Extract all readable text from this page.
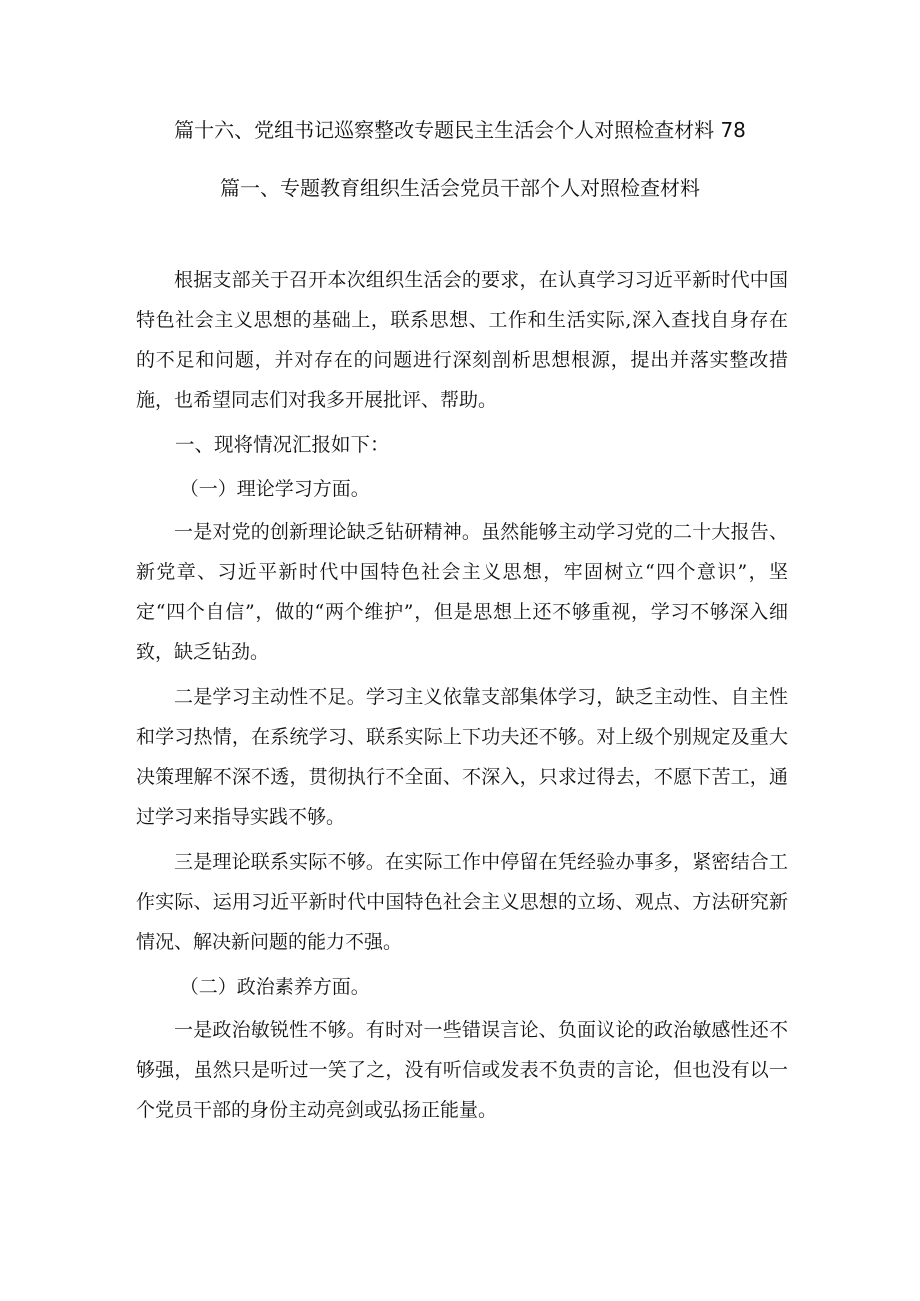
篇十六、党组书记巡察整改专题民主生活会个人对照检查材料 78
篇一、专题教育组织生活会党员干部个人对照检查材料

根据支部关于召开本次组织生活会的要求，在认真学习习近平新时代中国特色社会主义思想的基础上，联系思想、工作和生活实际,深入查找自身存在的不足和问题，并对存在的问题进行深刻剖析思想根源，提出并落实整改措施，也希望同志们对我多开展批评、帮助。

一、现将情况汇报如下：

（一）理论学习方面。

一是对党的创新理论缺乏钻研精神。虽然能够主动学习党的二十大报告、新党章、习近平新时代中国特色社会主义思想，牢固树立“四个意识”，坚定“四个自信”，做的“两个维护”，但是思想上还不够重视，学习不够深入细致，缺乏钻劲。

二是学习主动性不足。学习主义依靠支部集体学习，缺乏主动性、自主性和学习热情，在系统学习、联系实际上下功夫还不够。对上级个别规定及重大决策理解不深不透，贯彻执行不全面、不深入，只求过得去，不愿下苦工，通过学习来指导实践不够。

三是理论联系实际不够。在实际工作中停留在凭经验办事多，紧密结合工作实际、运用习近平新时代中国特色社会主义思想的立场、观点、方法研究新情况、解决新问题的能力不强。

（二）政治素养方面。

一是政治敏锐性不够。有时对一些错误言论、负面议论的政治敏感性还不够强，虽然只是听过一笑了之，没有听信或发表不负责的言论，但也没有以一个党员干部的身份主动亮剑或弘扬正能量。
